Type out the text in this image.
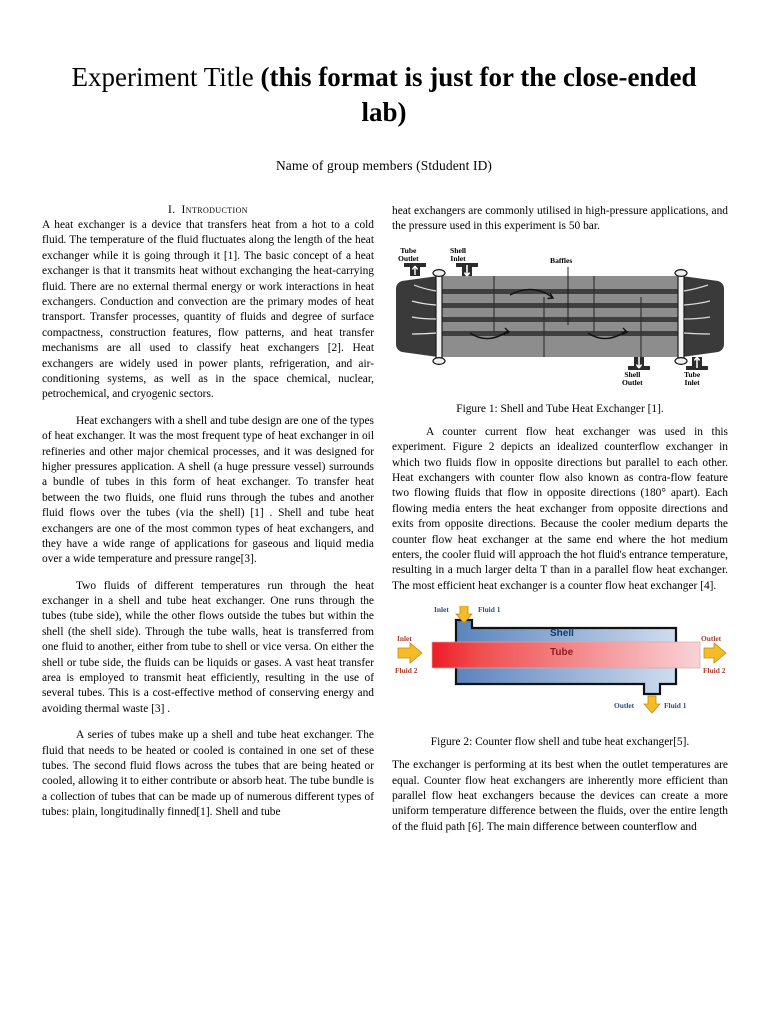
Experiment Title (this format is just for the close-ended lab)
Name of group members (Stdudent ID)
I. Introduction

A heat exchanger is a device that transfers heat from a hot to a cold fluid. The temperature of the fluid fluctuates along the length of the heat exchanger while it is going through it [1]. The basic concept of a heat exchanger is that it transmits heat without exchanging the heat-carrying fluid. There are no external thermal energy or work interactions in heat exchangers. Conduction and convection are the primary modes of heat transport. Transfer processes, quantity of fluids and degree of surface compactness, construction features, flow patterns, and heat transfer mechanisms are all used to classify heat exchangers [2]. Heat exchangers are widely used in power plants, refrigeration, and air-conditioning systems, as well as in the space chemical, nuclear, petrochemical, and cryogenic sectors.

Heat exchangers with a shell and tube design are one of the types of heat exchanger. It was the most frequent type of heat exchanger in oil refineries and other major chemical processes, and it was designed for higher pressures application. A shell (a huge pressure vessel) surrounds a bundle of tubes in this form of heat exchanger. To transfer heat between the two fluids, one fluid runs through the tubes and another fluid flows over the tubes (via the shell) [1] . Shell and tube heat exchangers are one of the most common types of heat exchangers, and they have a wide range of applications for gaseous and liquid media over a wide temperature and pressure range[3].

Two fluids of different temperatures run through the heat exchanger in a shell and tube heat exchanger. One runs through the tubes (tube side), while the other flows outside the tubes but within the shell (the shell side). Through the tube walls, heat is transferred from one fluid to another, either from tube to shell or vice versa. On either the shell or tube side, the fluids can be liquids or gases. A vast heat transfer area is employed to transmit heat efficiently, resulting in the use of several tubes. This is a cost-effective method of conserving energy and avoiding thermal waste [3] .

A series of tubes make up a shell and tube heat exchanger. The fluid that needs to be heated or cooled is contained in one set of these tubes. The second fluid flows across the tubes that are being heated or cooled, allowing it to either contribute or absorb heat. The tube bundle is a collection of tubes that can be made up of numerous different types of tubes: plain, longitudinally finned[1]. Shell and tube

heat exchangers are commonly utilised in high-pressure applications, and the pressure used in this experiment is 50 bar.

Tube
Outlet
Shell
Inlet	Baffles
Shell
Outlet
Tube
Inlet
Figure 1: Shell and Tube Heat Exchanger [1].

A counter current flow heat exchanger was used in this experiment. Figure 2 depicts an idealized counterflow exchanger in which two fluids flow in opposite directions but parallel to each other. Heat exchangers with counter flow also known as contra-flow feature two flowing fluids that flow in opposite directions (180° apart). Each flowing media enters the heat exchanger from opposite directions and exits from opposite directions. Because the cooler medium departs the counter flow heat exchanger at the same end where the hot medium enters, the cooler fluid will approach the hot fluid's entrance temperature, resulting in a much larger delta T than in a parallel flow heat exchanger. The most efficient heat exchanger is a counter flow heat exchanger [4].

Shell
Tube
Inlet	Fluid 1
Inlet
Fluid 2
Outlet
Fluid 2
Outlet	Fluid 1
Figure 2: Counter flow shell and tube heat exchanger[5].

The exchanger is performing at its best when the outlet temperatures are equal. Counter flow heat exchangers are inherently more efficient than parallel flow heat exchangers because the devices can create a more uniform temperature difference between the fluids, over the entire length of the fluid path [6]. The main difference between counterflow and
